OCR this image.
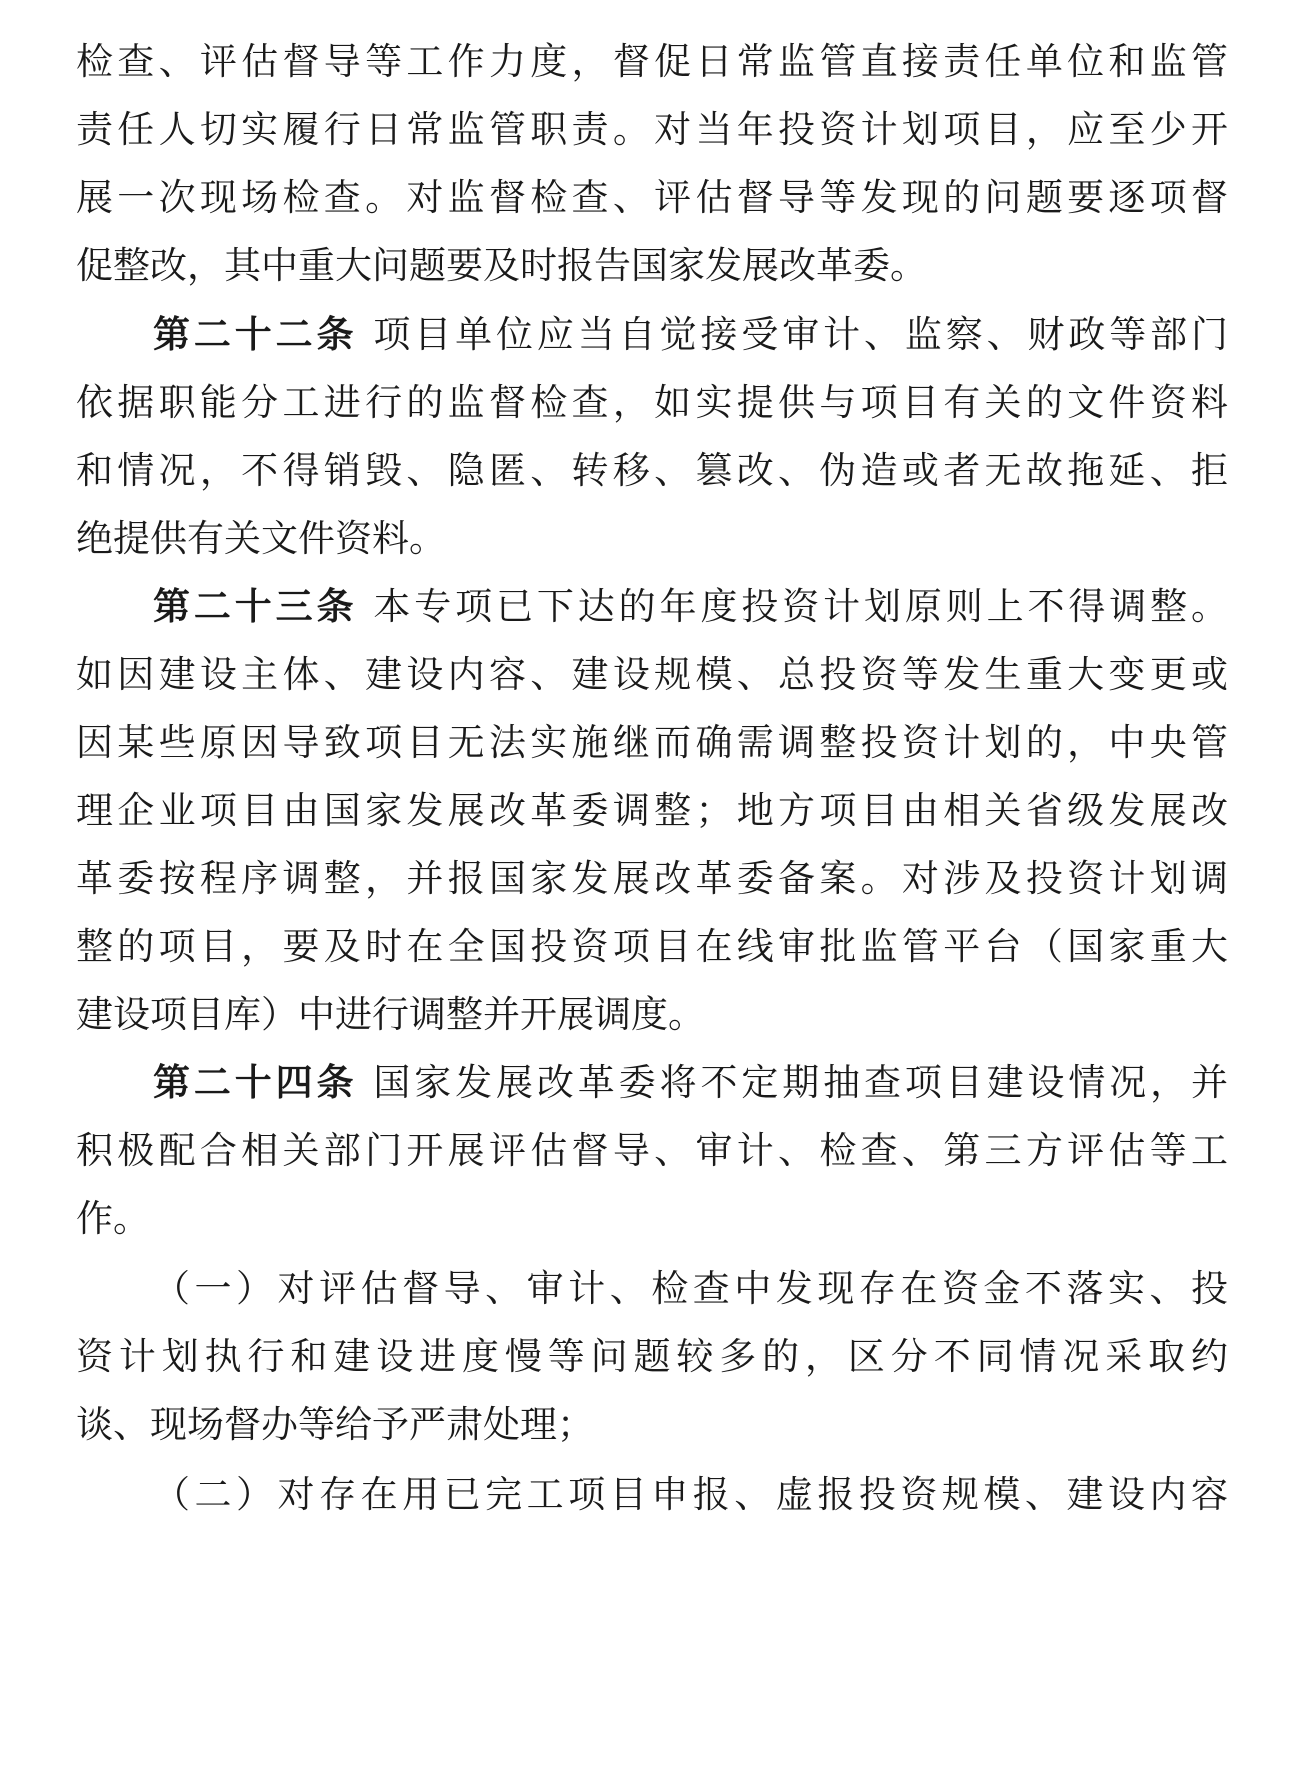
检查、评估督导等工作力度，督促日常监管直接责任单位和监管
责任人切实履行日常监管职责。对当年投资计划项目，应至少开
展一次现场检查。对监督检查、评估督导等发现的问题要逐项督
促整改，其中重大问题要及时报告国家发展改革委。
第二十二条 项目单位应当自觉接受审计、监察、财政等部门
依据职能分工进行的监督检查，如实提供与项目有关的文件资料
和情况，不得销毁、隐匿、转移、篡改、伪造或者无故拖延、拒
绝提供有关文件资料。
第二十三条 本专项已下达的年度投资计划原则上不得调整。
如因建设主体、建设内容、建设规模、总投资等发生重大变更或
因某些原因导致项目无法实施继而确需调整投资计划的，中央管
理企业项目由国家发展改革委调整；地方项目由相关省级发展改
革委按程序调整，并报国家发展改革委备案。对涉及投资计划调
整的项目，要及时在全国投资项目在线审批监管平台（国家重大
建设项目库）中进行调整并开展调度。
第二十四条 国家发展改革委将不定期抽查项目建设情况，并
积极配合相关部门开展评估督导、审计、检查、第三方评估等工
作。
（一）对评估督导、审计、检查中发现存在资金不落实、投
资计划执行和建设进度慢等问题较多的，区分不同情况采取约
谈、现场督办等给予严肃处理；
（二）对存在用已完工项目申报、虚报投资规模、建设内容
